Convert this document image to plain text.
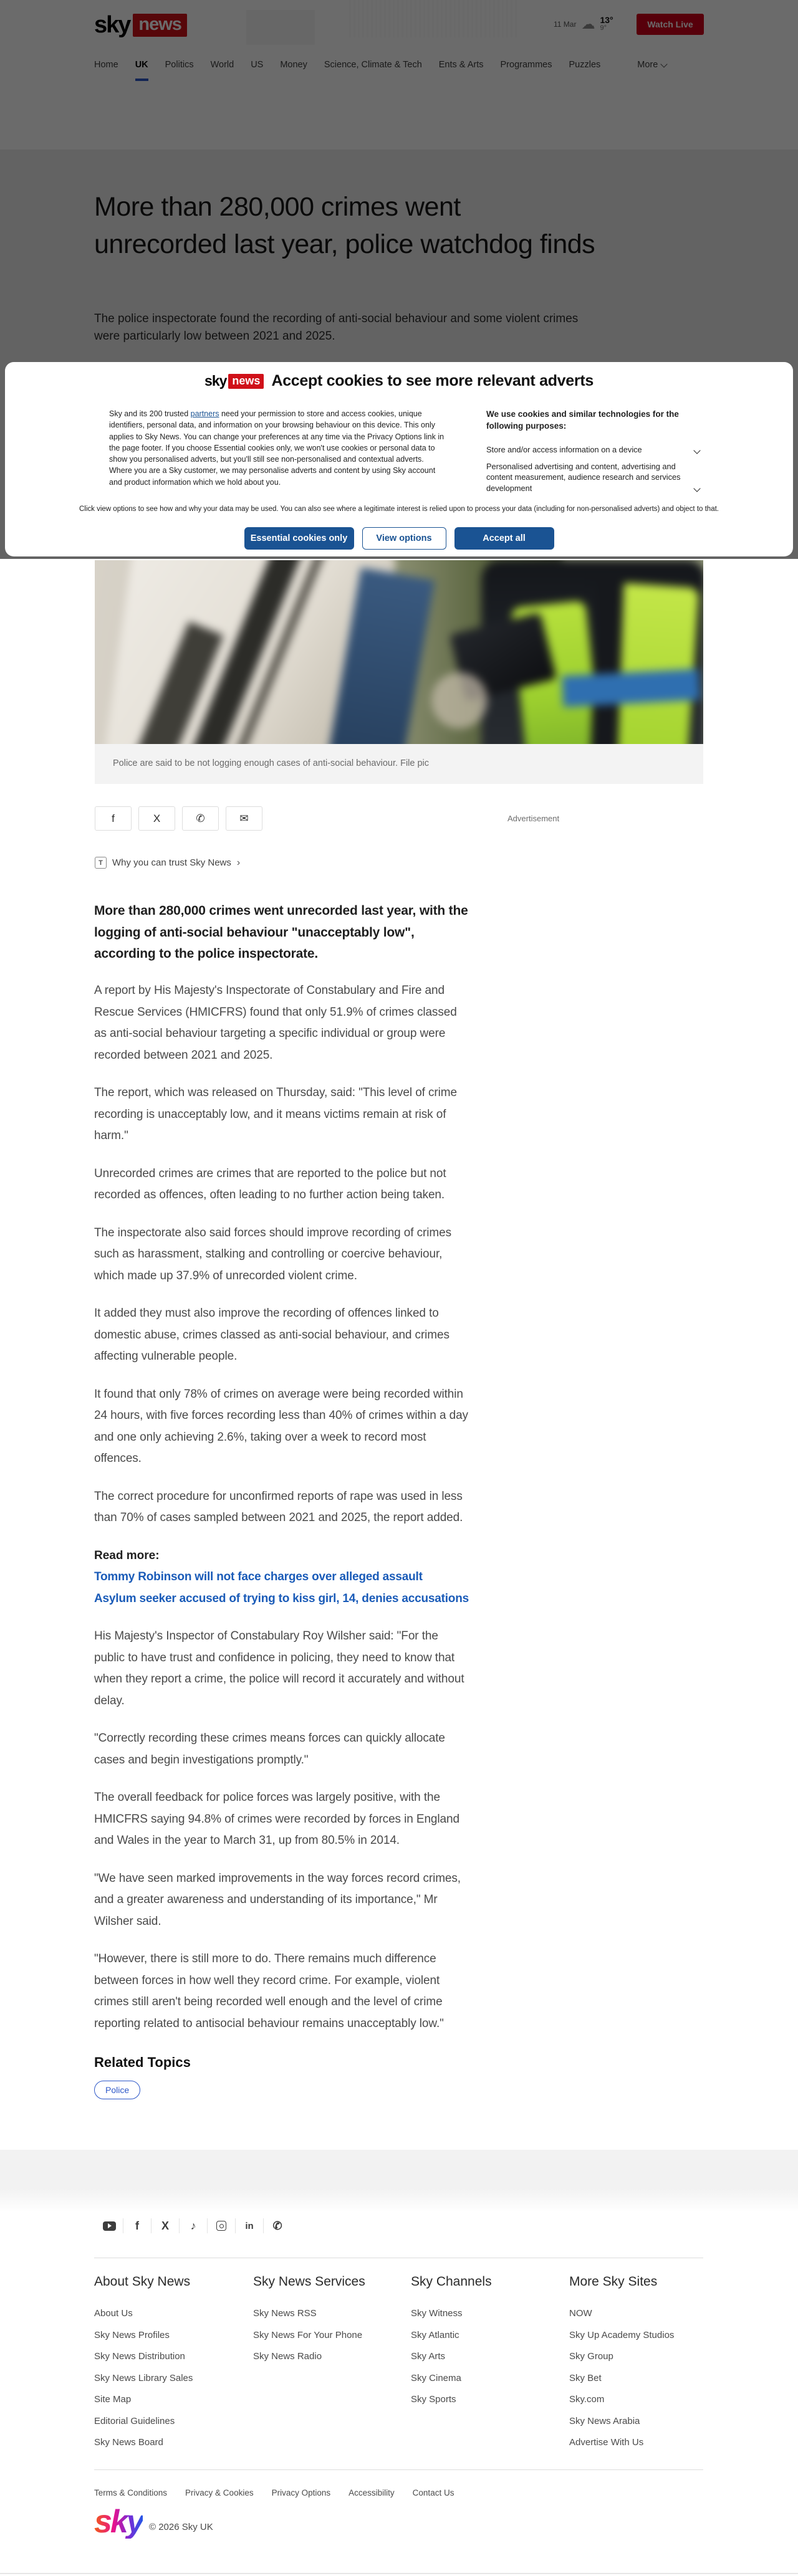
sky news Accept cookies to see more relevant adverts
Sky and its 200 trusted partners need your permission to store and access cookies, unique identifiers, personal data, and information on your browsing behaviour on this device. This only applies to Sky News. You can change your preferences at any time via the Privacy Options link in the page footer. If you choose Essential cookies only, we won't use cookies or personal data to show you personalised adverts, but you'll still see non-personalised and contextual adverts. Where you are a Sky customer, we may personalise adverts and content by using Sky account and product information which we hold about you.
We use cookies and similar technologies for the following purposes:
Store and/or access information on a device
Personalised advertising and content, advertising and content measurement, audience research and services development
Click view options to see how and why your data may be used. You can also see where a legitimate interest is relied upon to process your data (including for non-personalised adverts) and object to that.
Essential cookies only	View options	Accept all
Police are said to be not logging enough cases of anti-social behaviour. File pic
f	X	✆	✉	Advertisement
T	Why you can trust Sky News ›

More than 280,000 crimes went unrecorded last year, with the logging of anti-social behaviour "unacceptably low", according to the police inspectorate.

A report by His Majesty's Inspectorate of Constabulary and Fire and Rescue Services (HMICFRS) found that only 51.9% of crimes classed as anti-social behaviour targeting a specific individual or group were recorded between 2021 and 2025.

The report, which was released on Thursday, said: "This level of crime recording is unacceptably low, and it means victims remain at risk of harm."

Unrecorded crimes are crimes that are reported to the police but not recorded as offences, often leading to no further action being taken.

The inspectorate also said forces should improve recording of crimes such as harassment, stalking and controlling or coercive behaviour, which made up 37.9% of unrecorded violent crime.

It added they must also improve the recording of offences linked to domestic abuse, crimes classed as anti-social behaviour, and crimes affecting vulnerable people.

It found that only 78% of crimes on average were being recorded within 24 hours, with five forces recording less than 40% of crimes within a day and one only achieving 2.6%, taking over a week to record most offences.

The correct procedure for unconfirmed reports of rape was used in less than 70% of cases sampled between 2021 and 2025, the report added.

Read more:

Tommy Robinson will not face charges over alleged assault
Asylum seeker accused of trying to kiss girl, 14, denies accusations

His Majesty's Inspector of Constabulary Roy Wilsher said: "For the public to have trust and confidence in policing, they need to know that when they report a crime, the police will record it accurately and without delay.

"Correctly recording these crimes means forces can quickly allocate cases and begin investigations promptly."

The overall feedback for police forces was largely positive, with the HMICFRS saying 94.8% of crimes were recorded by forces in England and Wales in the year to March 31, up from 80.5% in 2014.

"We have seen marked improvements in the way forces record crimes, and a greater awareness and understanding of its importance," Mr Wilsher said.

"However, there is still more to do. There remains much difference between forces in how well they record crime. For example, violent crimes still aren't being recorded well enough and the level of crime reporting related to antisocial behaviour remains unacceptably low."

Related Topics
Police
f X ♪	in ✆
About Sky News
About Us
Sky News Profiles
Sky News Distribution
Sky News Library Sales
Site Map
Editorial Guidelines
Sky News Board
Sky News Services
Sky News RSS
Sky News For Your Phone
Sky News Radio
Sky Channels
Sky Witness
Sky Atlantic
Sky Arts
Sky Cinema
Sky Sports
More Sky Sites
NOW
Sky Up Academy Studios
Sky Group
Sky Bet
Sky.com
Sky News Arabia
Advertise With Us
Terms & Conditions Privacy & Cookies Privacy Options Accessibility Contact Us
sky © 2026 Sky UK
